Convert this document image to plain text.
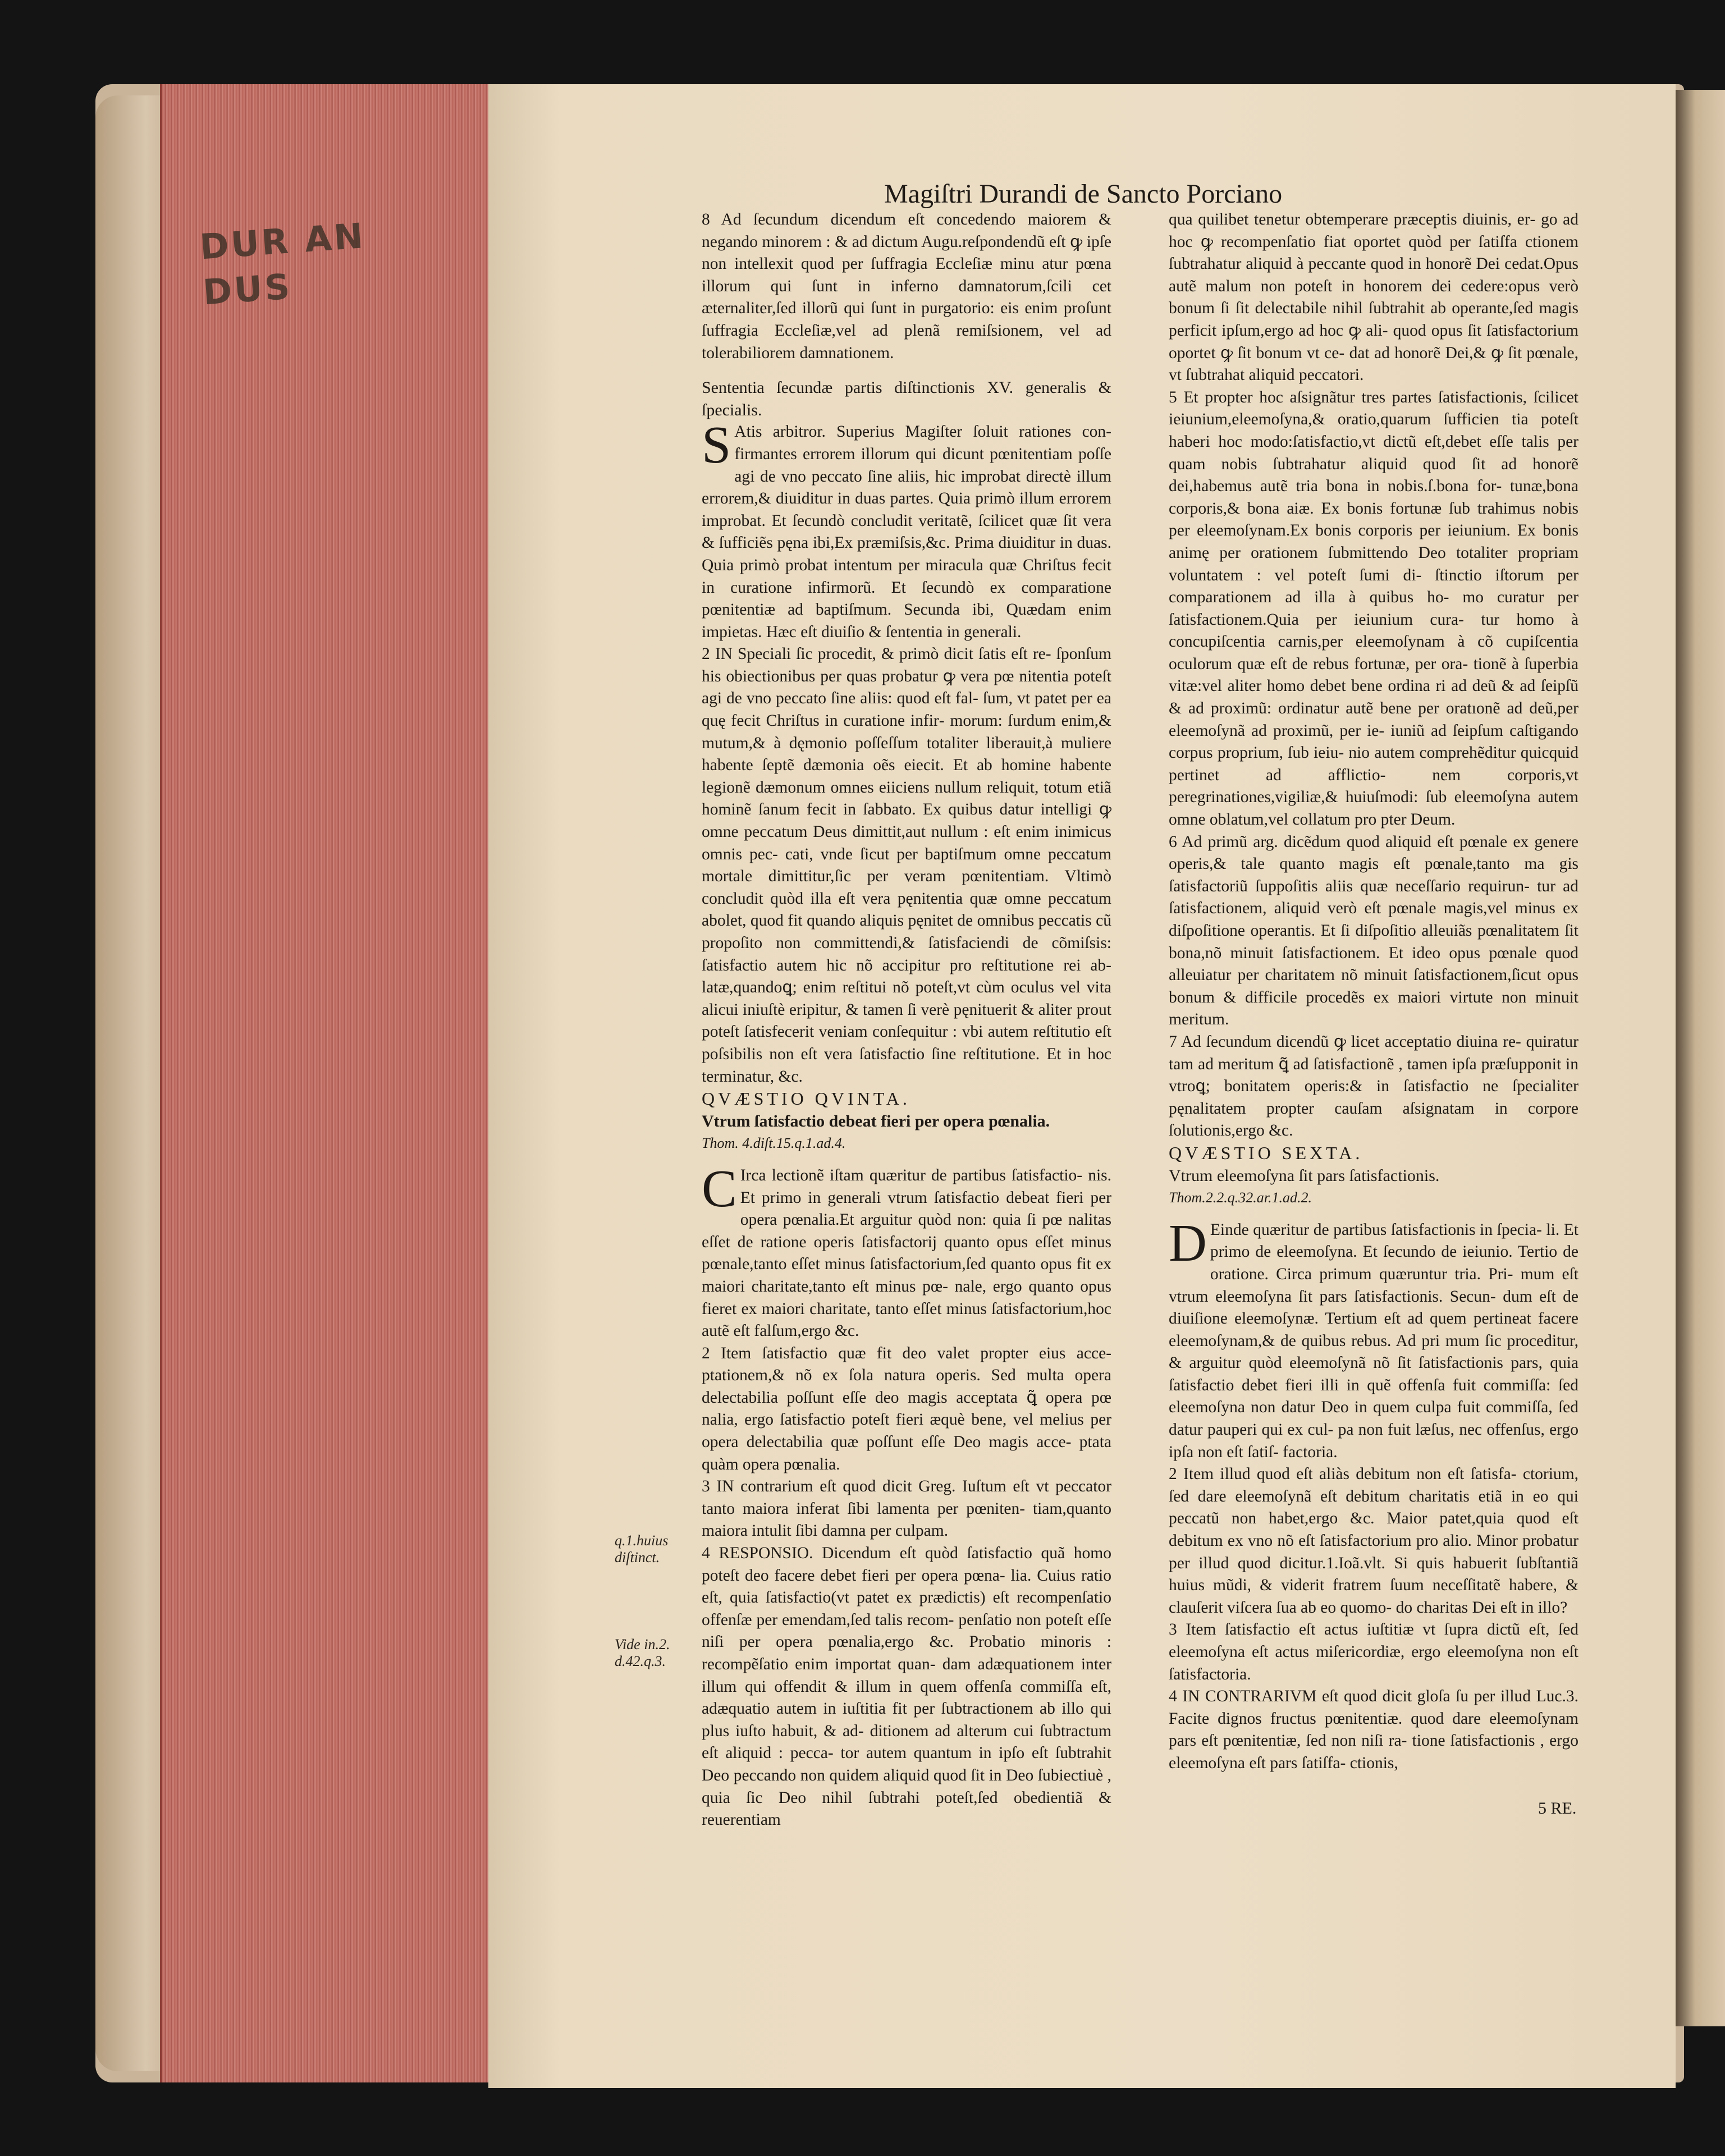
DUR AN DUS
Magiſtri Durandi de Sancto Porciano

8 Ad ſecundum dicendum eſt concedendo maiorem & negando minorem : & ad dictum Augu.reſpondendũ eſt ꝙ ipſe non intellexit quod per ſuffragia Eccleſiæ minu atur pœna illorum qui ſunt in inferno damnatorum,ſcili cet æternaliter,ſed illorũ qui ſunt in purgatorio: eis enim proſunt ſuffragia Eccleſiæ,vel ad plenã remiſsionem, vel ad tolerabiliorem damnationem.

Sententia ſecundæ partis diſtinctionis XV. generalis & ſpecialis.

S Atis arbitror. Superius Magiſter ſoluit rationes con‑ firmantes errorem illorum qui dicunt pœnitentiam poſſe agi de vno peccato ſine aliis, hic improbat directè illum errorem,& diuiditur in duas partes. Quia primò illum errorem improbat. Et ſecundò concludit veritatẽ, ſcilicet quæ ſit vera & ſufficiẽs pęna ibi,Ex præmiſsis,&c. Prima diuiditur in duas. Quia primò probat intentum per miracula quæ Chriſtus fecit in curatione infirmorũ. Et ſecundò ex comparatione pœnitentiæ ad baptiſmum. Secunda ibi, Quædam enim impietas. Hæc eſt diuiſio & ſententia in generali.

2 IN Speciali ſic procedit, & primò dicit ſatis eſt re‑ ſponſum his obiectionibus per quas probatur ꝙ vera pœ nitentia poteſt agi de vno peccato ſine aliis: quod eſt fal‑ ſum, vt patet per ea quę fecit Chriſtus in curatione infir‑ morum: ſurdum enim,& mutum,& à dęmonio poſſeſſum totaliter liberauit,à muliere habente ſeptẽ dæmonia oẽs eiecit. Et ab homine habente legionẽ dæmonum omnes eiiciens nullum reliquit, totum etiã hominẽ ſanum fecit in ſabbato. Ex quibus datur intelligi ꝙ omne peccatum Deus dimittit,aut nullum : eſt enim inimicus omnis pec‑ cati, vnde ſicut per baptiſmum omne peccatum mortale dimittitur,ſic per veram pœnitentiam. Vltimò concludit quòd illa eſt vera pęnitentia quæ omne peccatum abolet, quod fit quando aliquis pęnitet de omnibus peccatis cũ propoſito non committendi,& ſatisfaciendi de cõmiſsis: ſatisfactio autem hic nõ accipitur pro reſtitutione rei ab‑ latæ,quandoꝗ; enim reſtitui nõ poteſt,vt cùm oculus vel vita alicui iniuſtè eripitur, & tamen ſi verè pęnituerit & aliter prout poteſt ſatisfecerit veniam conſequitur : vbi autem reſtitutio eſt poſsibilis non eſt vera ſatisfactio ſine reſtitutione. Et in hoc terminatur, &c.

QVÆSTIO QVINTA.

Vtrum ſatisfactio debeat fieri per opera pœnalia.

Thom. 4.diſt.15.q.1.ad.4.

C Irca lectionẽ iſtam quæritur de partibus ſatisfactio‑ nis. Et primo in generali vtrum ſatisfactio debeat fieri per opera pœnalia.Et arguitur quòd non: quia ſi pœ nalitas eſſet de ratione operis ſatisfactorij quanto opus eſſet minus pœnale,tanto eſſet minus ſatisfactorium,ſed quanto opus fit ex maiori charitate,tanto eſt minus pœ‑ nale, ergo quanto opus fieret ex maiori charitate, tanto eſſet minus ſatisfactorium,hoc autẽ eſt falſum,ergo &c.

2 Item ſatisfactio quæ fit deo valet propter eius acce‑ ptationem,& nõ ex ſola natura operis. Sed multa opera delectabilia poſſunt eſſe deo magis acceptata ꝗ̃ opera pœ nalia, ergo ſatisfactio poteſt fieri æquè bene, vel melius per opera delectabilia quæ poſſunt eſſe Deo magis acce‑ ptata quàm opera pœnalia.

3 IN contrarium eſt quod dicit Greg. Iuſtum eſt vt peccator tanto maiora inferat ſibi lamenta per pœniten‑ tiam,quanto maiora intulit ſibi damna per culpam.

4 RESPONSIO. Dicendum eſt quòd ſatisfactio quã homo poteſt deo facere debet fieri per opera pœna‑ lia. Cuius ratio eſt, quia ſatisfactio(vt patet ex prædictis) eſt recompenſatio offenſæ per emendam,ſed talis recom‑ penſatio non poteſt eſſe niſi per opera pœnalia,ergo &c. Probatio minoris : recompẽſatio enim importat quan‑ dam adæquationem inter illum qui offendit & illum in quem offenſa commiſſa eſt, adæquatio autem in iuſtitia fit per ſubtractionem ab illo qui plus iuſto habuit, & ad‑ ditionem ad alterum cui ſubtractum eſt aliquid : pecca‑ tor autem quantum in ipſo eſt ſubtrahit Deo peccando non quidem aliquid quod ſit in Deo ſubiectiuè , quia ſic Deo nihil ſubtrahi poteſt,ſed obedientiã & reuerentiam

q.1.huius diſtinct.
Vide in.2. d.42.q.3.

qua quilibet tenetur obtemperare præceptis diuinis, er‑ go ad hoc ꝙ recompenſatio fiat oportet quòd per ſatiſfa ctionem ſubtrahatur aliquid à peccante quod in honorẽ Dei cedat.Opus autẽ malum non poteſt in honorem dei cedere:opus verò bonum ſi ſit delectabile nihil ſubtrahit ab operante,ſed magis perficit ipſum,ergo ad hoc ꝙ ali‑ quod opus ſit ſatisfactorium oportet ꝙ ſit bonum vt ce‑ dat ad honorẽ Dei,& ꝙ ſit pœnale, vt ſubtrahat aliquid peccatori.

5 Et propter hoc aſsignãtur tres partes ſatisfactionis, ſcilicet ieiunium,eleemoſyna,& oratio,quarum ſufficien tia poteſt haberi hoc modo:ſatisfactio,vt dictũ eſt,debet eſſe talis per quam nobis ſubtrahatur aliquid quod ſit ad honorẽ dei,habemus autẽ tria bona in nobis.ſ.bona for‑ tunæ,bona corporis,& bona aiæ. Ex bonis fortunæ ſub trahimus nobis per eleemoſynam.Ex bonis corporis per ieiunium. Ex bonis animę per orationem ſubmittendo Deo totaliter propriam voluntatem : vel poteſt ſumi di‑ ſtinctio iſtorum per comparationem ad illa à quibus ho‑ mo curatur per ſatisfactionem.Quia per ieiunium cura‑ tur homo à concupiſcentia carnis,per eleemoſynam à cõ cupiſcentia oculorum quæ eſt de rebus fortunæ, per ora‑ tionẽ à ſuperbia vitæ:vel aliter homo debet bene ordina ri ad deũ & ad ſeipſũ & ad proximũ: ordinatur autẽ bene per oratıonẽ ad deũ,per eleemoſynã ad proximũ, per ie‑ iuniũ ad ſeipſum caſtigando corpus proprium, ſub ieiu‑ nio autem comprehẽditur quicquid pertinet ad afflictio‑ nem corporis,vt peregrinationes,vigiliæ,& huiuſmodi: ſub eleemoſyna autem omne oblatum,vel collatum pro pter Deum.

6 Ad primũ arg. dicẽdum quod aliquid eſt pœnale ex genere operis,& tale quanto magis eſt pœnale,tanto ma gis ſatisfactoriũ ſuppoſitis aliis quæ neceſſario requirun‑ tur ad ſatisfactionem, aliquid verò eſt pœnale magis,vel minus ex diſpoſitione operantis. Et ſi diſpoſitio alleuiãs pœnalitatem ſit bona,nõ minuit ſatisfactionem. Et ideo opus pœnale quod alleuiatur per charitatem nõ minuit ſatisfactionem,ſicut opus bonum & difficile procedẽs ex maiori virtute non minuit meritum.

7 Ad ſecundum dicendũ ꝙ licet acceptatio diuina re‑ quiratur tam ad meritum ꝗ̃ ad ſatisfactionẽ , tamen ipſa præſupponit in vtroꝗ; bonitatem operis:& in ſatisfactio ne ſpecialiter pęnalitatem propter cauſam aſsignatam in corpore ſolutionis,ergo &c.

QVÆSTIO SEXTA.

Vtrum eleemoſyna ſit pars ſatisfactionis.

Thom.2.2.q.32.ar.1.ad.2.

D Einde quæritur de partibus ſatisfactionis in ſpecia‑ li. Et primo de eleemoſyna. Et ſecundo de ieiunio. Tertio de oratione. Circa primum quæruntur tria. Pri‑ mum eſt vtrum eleemoſyna ſit pars ſatisfactionis. Secun‑ dum eſt de diuiſione eleemoſynæ. Tertium eſt ad quem pertineat facere eleemoſynam,& de quibus rebus. Ad pri mum ſic proceditur, & arguitur quòd eleemoſynã nõ ſit ſatisfactionis pars, quia ſatisfactio debet fieri illi in quẽ offenſa fuit commiſſa: ſed eleemoſyna non datur Deo in quem culpa fuit commiſſa, ſed datur pauperi qui ex cul‑ pa non fuit læſus, nec offenſus, ergo ipſa non eſt ſatiſ‑ factoria.

2 Item illud quod eſt aliàs debitum non eſt ſatisfa‑ ctorium, ſed dare eleemoſynã eſt debitum charitatis etiã in eo qui peccatũ non habet,ergo &c. Maior patet,quia quod eſt debitum ex vno nõ eſt ſatisfactorium pro alio. Minor probatur per illud quod dicitur.1.Ioã.vlt. Si quis habuerit ſubſtantiã huius mũdi, & viderit fratrem ſuum neceſſitatẽ habere, & clauſerit viſcera ſua ab eo quomo‑ do charitas Dei eſt in illo?

3 Item ſatisfactio eſt actus iuſtitiæ vt ſupra dictũ eſt, ſed eleemoſyna eſt actus miſericordiæ, ergo eleemoſyna non eſt ſatisfactoria.

4 IN CONTRARIVM eſt quod dicit gloſa ſu per illud Luc.3. Facite dignos fructus pœnitentiæ. quod dare eleemoſynam pars eſt pœnitentiæ, ſed non niſi ra‑ tione ſatisfactionis , ergo eleemoſyna eſt pars ſatiſfa‑ ctionis,

5 RE.
